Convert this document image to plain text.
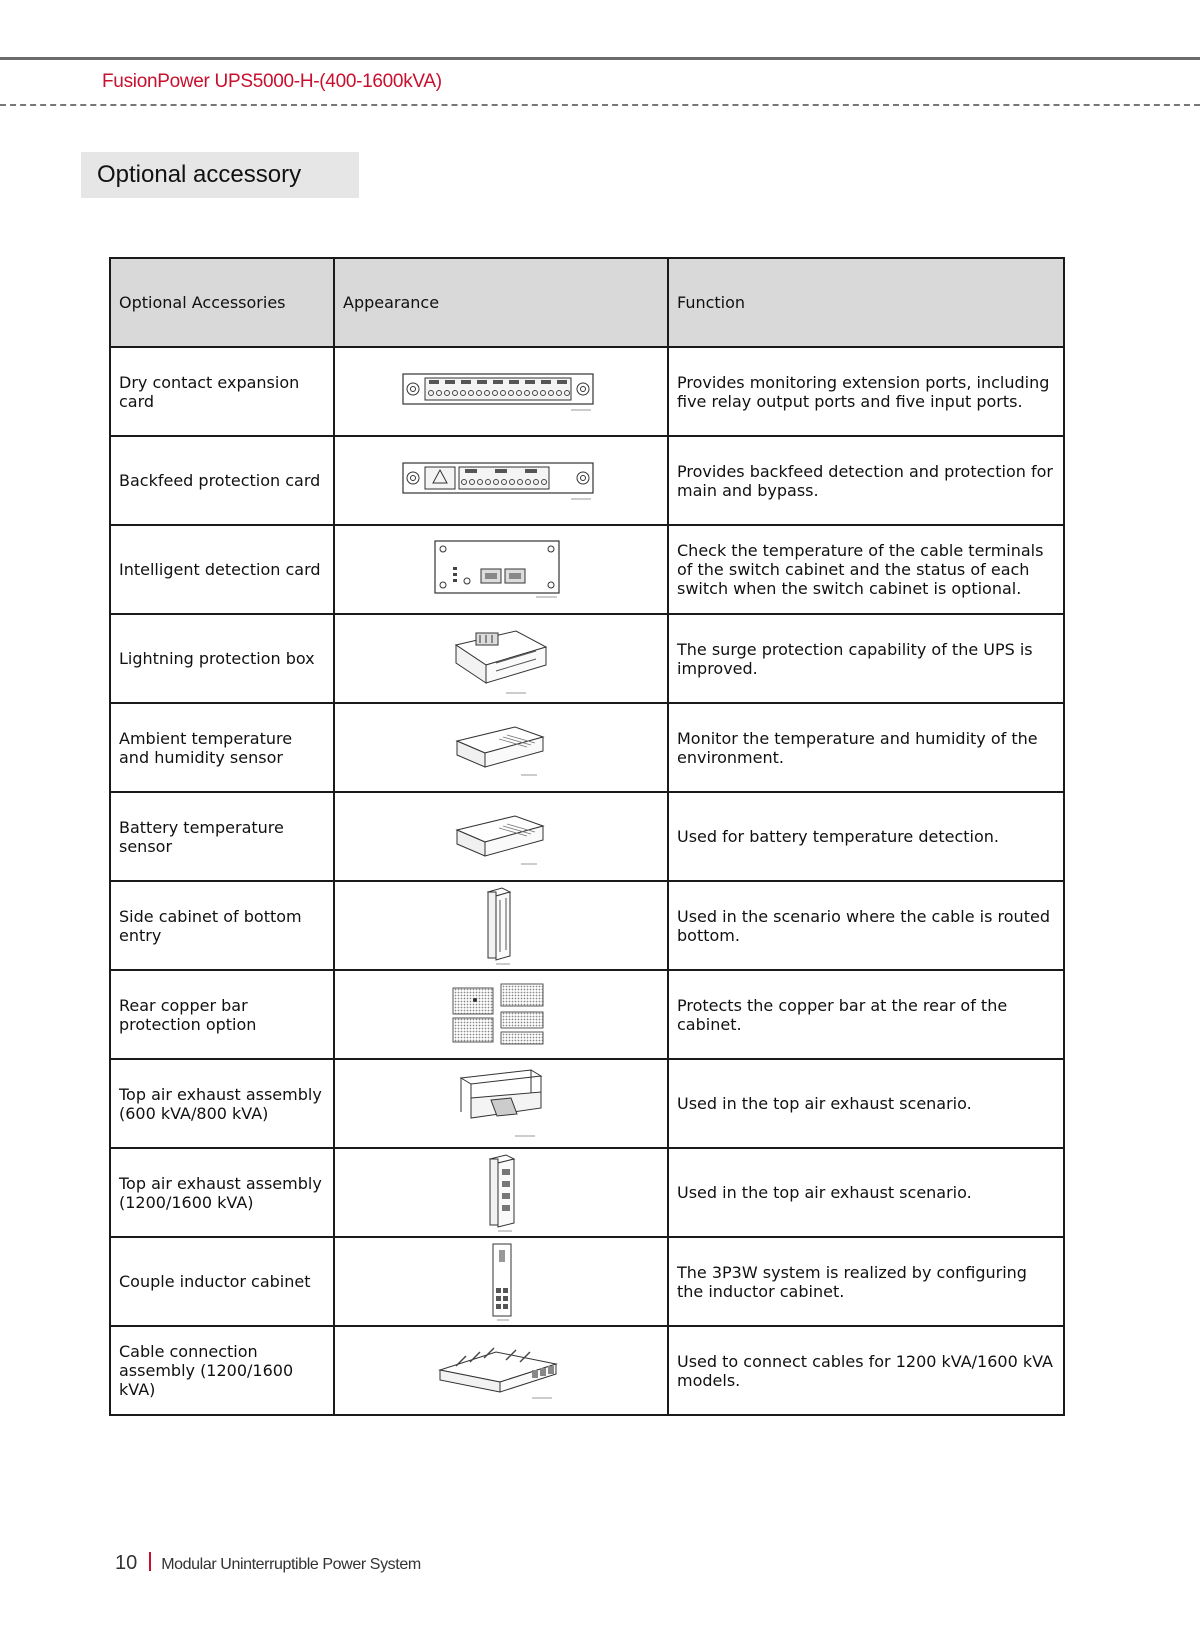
FusionPower UPS5000-H-(400-1600kVA)
Optional accessory
Optional Accessories	Appearance	Function
Dry contact expansion card		Provides monitoring extension ports, including five relay output ports and five input ports.
Backfeed protection card		Provides backfeed detection and protection for main and bypass.
Intelligent detection card		Check the temperature of the cable terminals of the switch cabinet and the status of each switch when the switch cabinet is optional.
Lightning protection box		The surge protection capability of the UPS is improved.
Ambient temperature and humidity sensor		Monitor the temperature and humidity of the environment.
Battery temperature sensor		Used for battery temperature detection.
Side cabinet of bottom entry		Used in the scenario where the cable is routed bottom.
Rear copper bar protection option		Protects the copper bar at the rear of the cabinet.
Top air exhaust assembly (600 kVA/800 kVA)		Used in the top air exhaust scenario.
Top air exhaust assembly (1200/1600 kVA)		Used in the top air exhaust scenario.
Couple inductor cabinet		The 3P3W system is realized by configuring the inductor cabinet.
Cable connection assembly (1200/1600 kVA)		Used to connect cables for 1200 kVA/1600 kVA models.
10 Modular Uninterruptible Power System
